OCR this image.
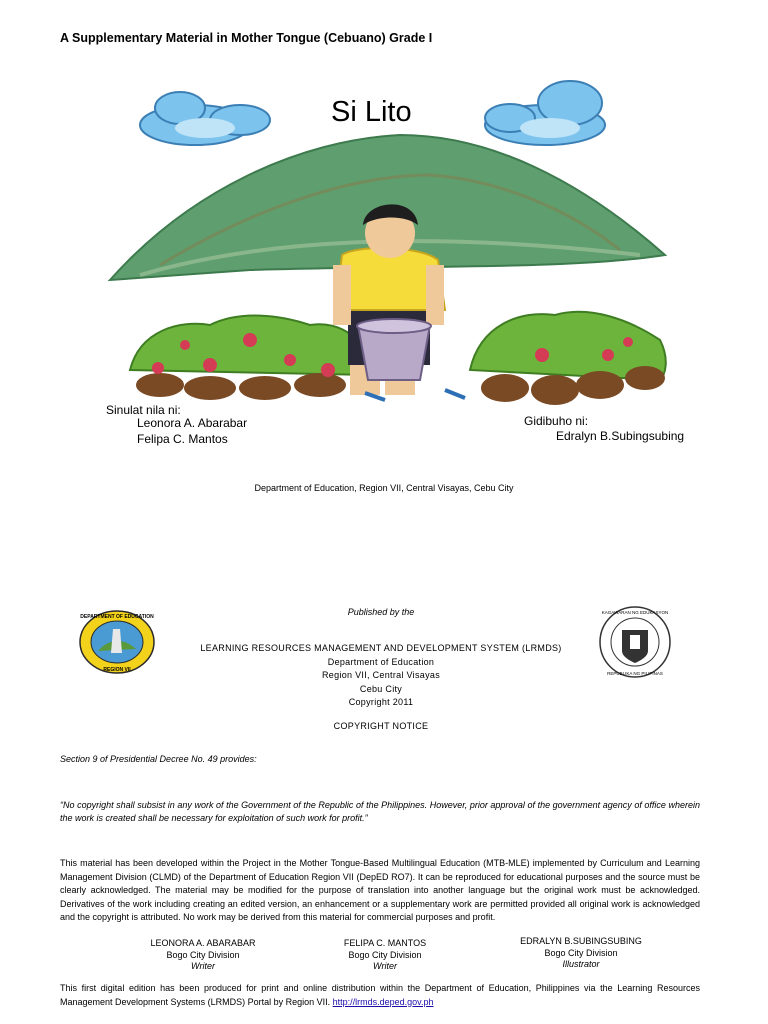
A Supplementary Material in Mother Tongue (Cebuano) Grade I
Si Lito
Sinulat nila ni:
Leonora A. Abarabar
Felipa C. Mantos
Gidibuho ni:
Edralyn B.Subingsubing
Department of Education, Region VII, Central Visayas, Cebu City
DEPARTMENT OF EDUCATION
REGION VII
KAGAWARAN NG EDUKASYON
REPUBLIKA NG PILIPINAS
Published by the
LEARNING RESOURCES MANAGEMENT AND DEVELOPMENT SYSTEM (LRMDS)
Department of Education
Region VII, Central Visayas
Cebu City
Copyright 2011
COPYRIGHT NOTICE
Section 9 of Presidential Decree No. 49 provides:
“No copyright shall subsist in any work of the Government of the Republic of the Philippines. However, prior approval of the government agency of office wherein the work is created shall be necessary for exploitation of such work for profit.”
This material has been developed within the Project in the Mother Tongue-Based Multilingual Education (MTB-MLE) implemented by Curriculum and Learning Management Division (CLMD) of the Department of Education Region VII (DepED RO7). It can be reproduced for educational purposes and the source must be clearly acknowledged. The material may be modified for the purpose of translation into another language but the original work must be acknowledged. Derivatives of the work including creating an edited version, an enhancement or a supplementary work are permitted provided all original work is acknowledged and the copyright is attributed. No work may be derived from this material for commercial purposes and profit.
LEONORA A. ABARABAR
Bogo City Division
Writer
FELIPA C. MANTOS
Bogo City Division
Writer
EDRALYN B.SUBINGSUBING
Bogo City Division
Illustrator
This first digital edition has been produced for print and online distribution within the Department of Education, Philippines via the Learning Resources Management Development Systems (LRMDS) Portal by Region VII. http://lrmds.deped.gov.ph
